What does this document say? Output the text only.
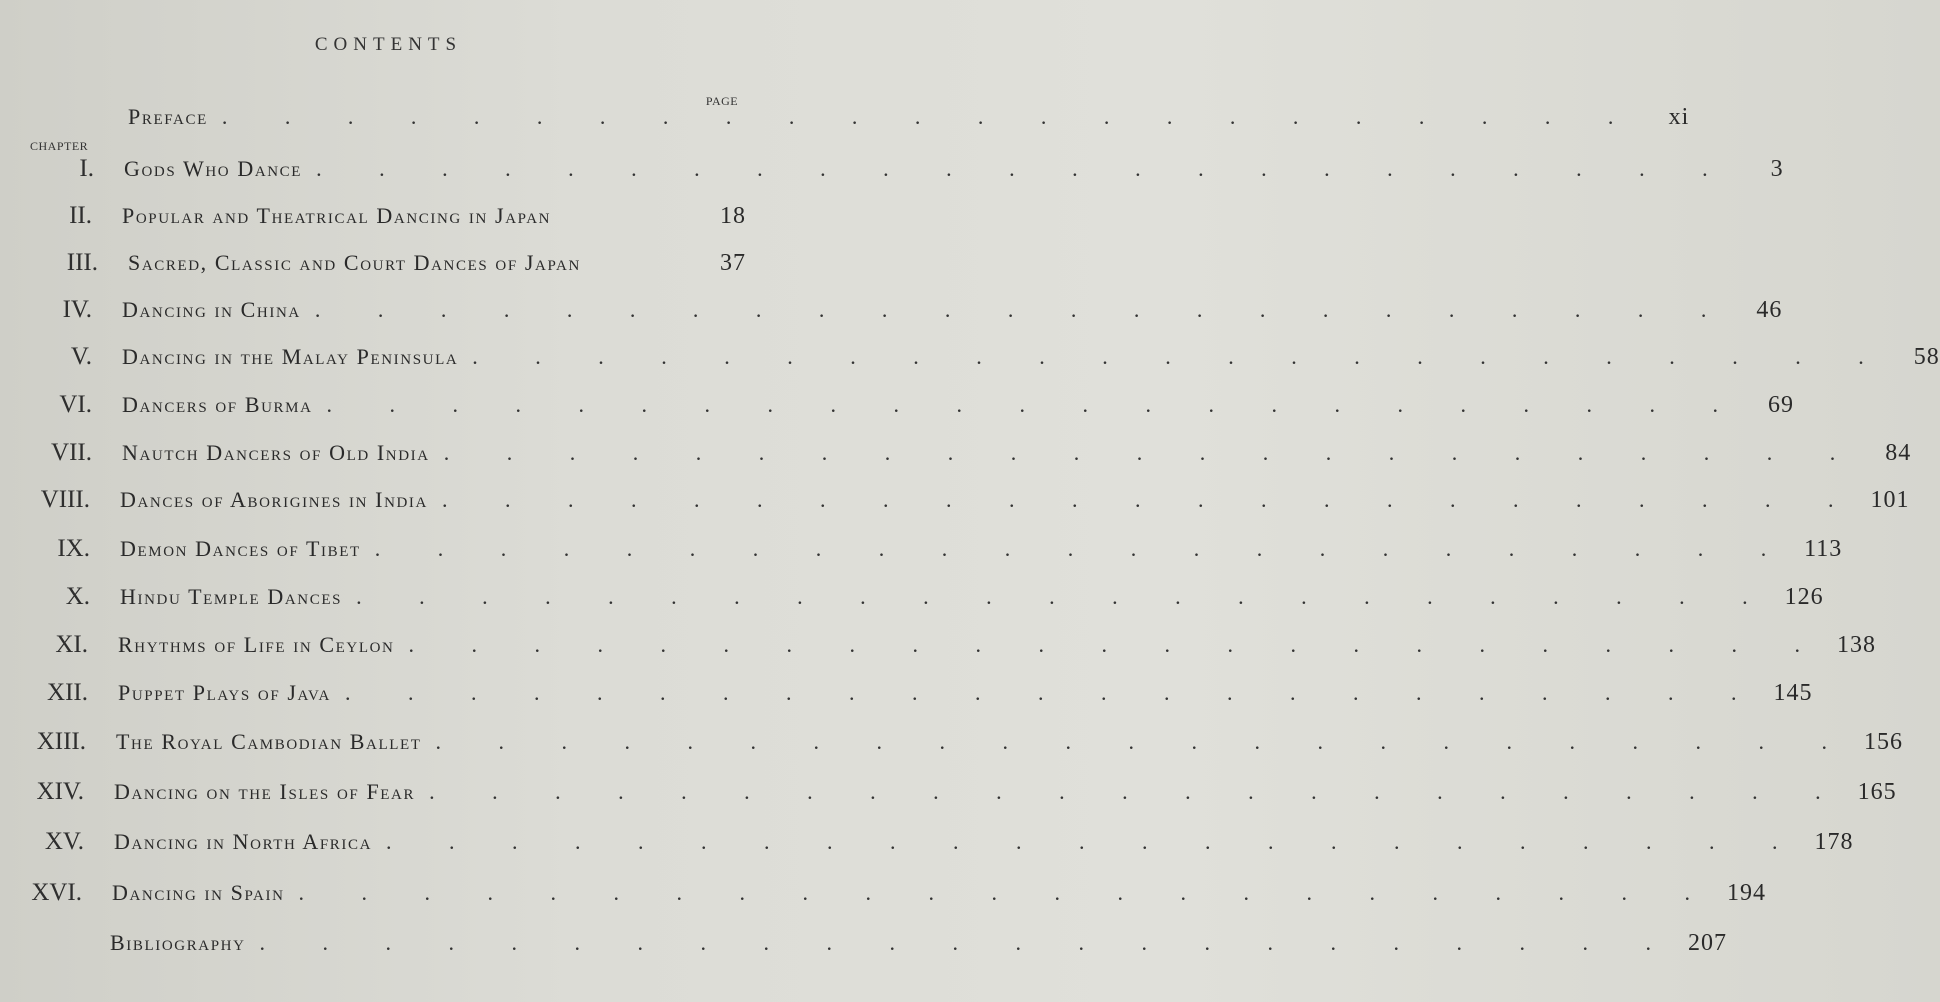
CONTENTS
PAGE
CHAPTER
Preface . . . . . . . . . . . . . . . . . . . . . . .	xi
I.	Gods Who Dance . . . . . . . . . . . . . . . . . . . . . . .	3
II.	Popular and Theatrical Dancing in Japan	18
III.	Sacred, Classic and Court Dances of Japan	37
IV.	Dancing in China . . . . . . . . . . . . . . . . . . . . . . .	46
V.	Dancing in the Malay Peninsula . . . . . . . . . . . . . . . . . . . . . . .	58
VI.	Dancers of Burma . . . . . . . . . . . . . . . . . . . . . . .	69
VII.	Nautch Dancers of Old India . . . . . . . . . . . . . . . . . . . . . . .	84
VIII.	Dances of Aborigines in India . . . . . . . . . . . . . . . . . . . . . . . 101
IX.	Demon Dances of Tibet . . . . . . . . . . . . . . . . . . . . . . . 113
X.	Hindu Temple Dances . . . . . . . . . . . . . . . . . . . . . . . 126
XI.	Rhythms of Life in Ceylon . . . . . . . . . . . . . . . . . . . . . . . 138
XII.	Puppet Plays of Java . . . . . . . . . . . . . . . . . . . . . . . 145
XIII.	The Royal Cambodian Ballet . . . . . . . . . . . . . . . . . . . . . . . 156
XIV.	Dancing on the Isles of Fear . . . . . . . . . . . . . . . . . . . . . . . 165
XV.	Dancing in North Africa . . . . . . . . . . . . . . . . . . . . . . . 178
XVI.	Dancing in Spain . . . . . . . . . . . . . . . . . . . . . . . 194
Bibliography . . . . . . . . . . . . . . . . . . . . . . . 207
